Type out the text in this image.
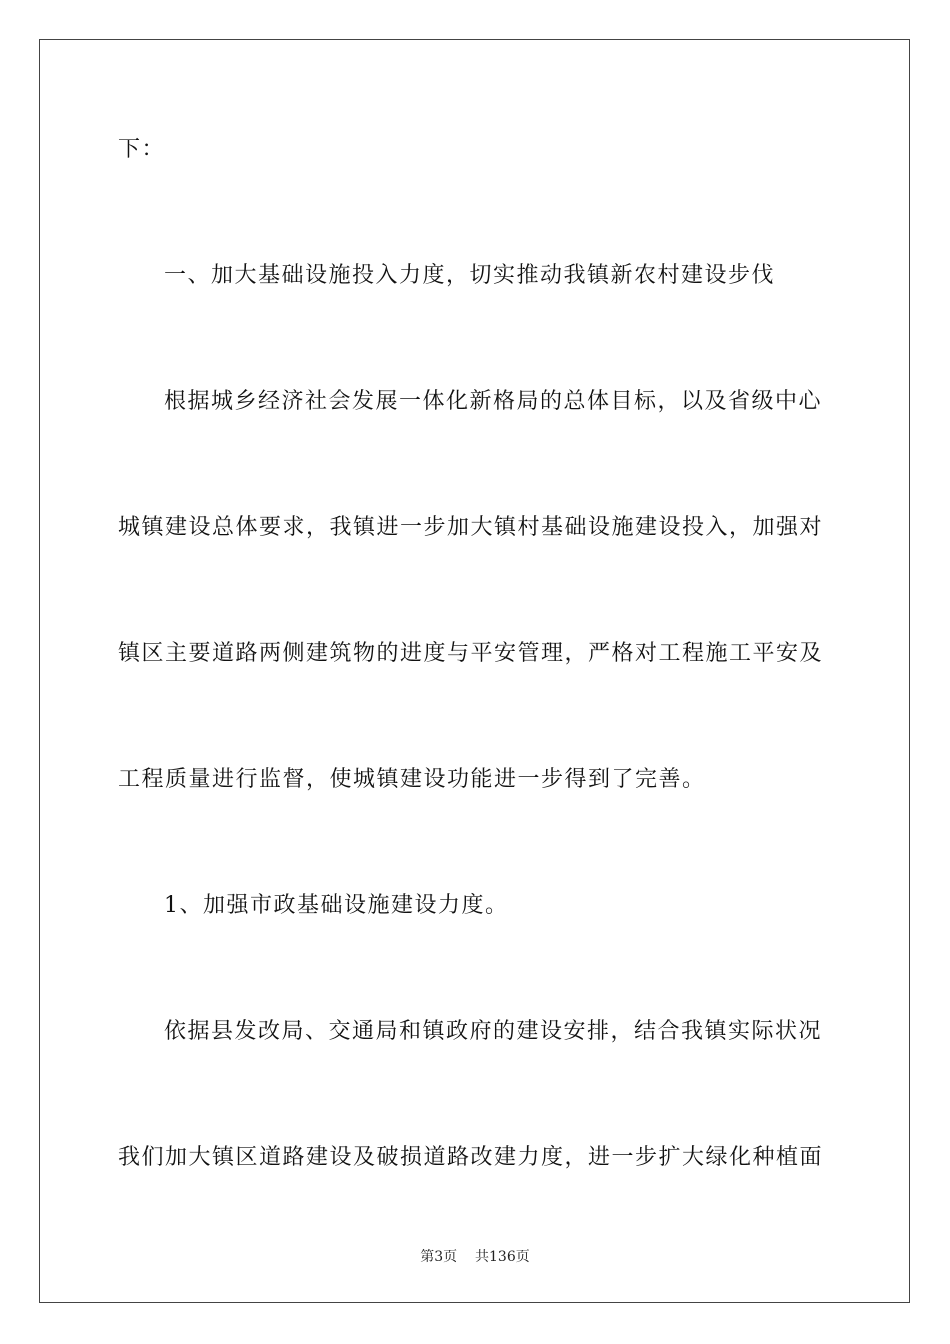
下：
一、加大基础设施投入力度，切实推动我镇新农村建设步伐
根据城乡经济社会发展一体化新格局的总体目标，以及省级中心
城镇建设总体要求，我镇进一步加大镇村基础设施建设投入，加强对
镇区主要道路两侧建筑物的进度与平安管理，严格对工程施工平安及
工程质量进行监督，使城镇建设功能进一步得到了完善。
1、加强市政基础设施建设力度。
依据县发改局、交通局和镇政府的建设安排，结合我镇实际状况
我们加大镇区道路建设及破损道路改建力度，进一步扩大绿化种植面
第3页 共136页
